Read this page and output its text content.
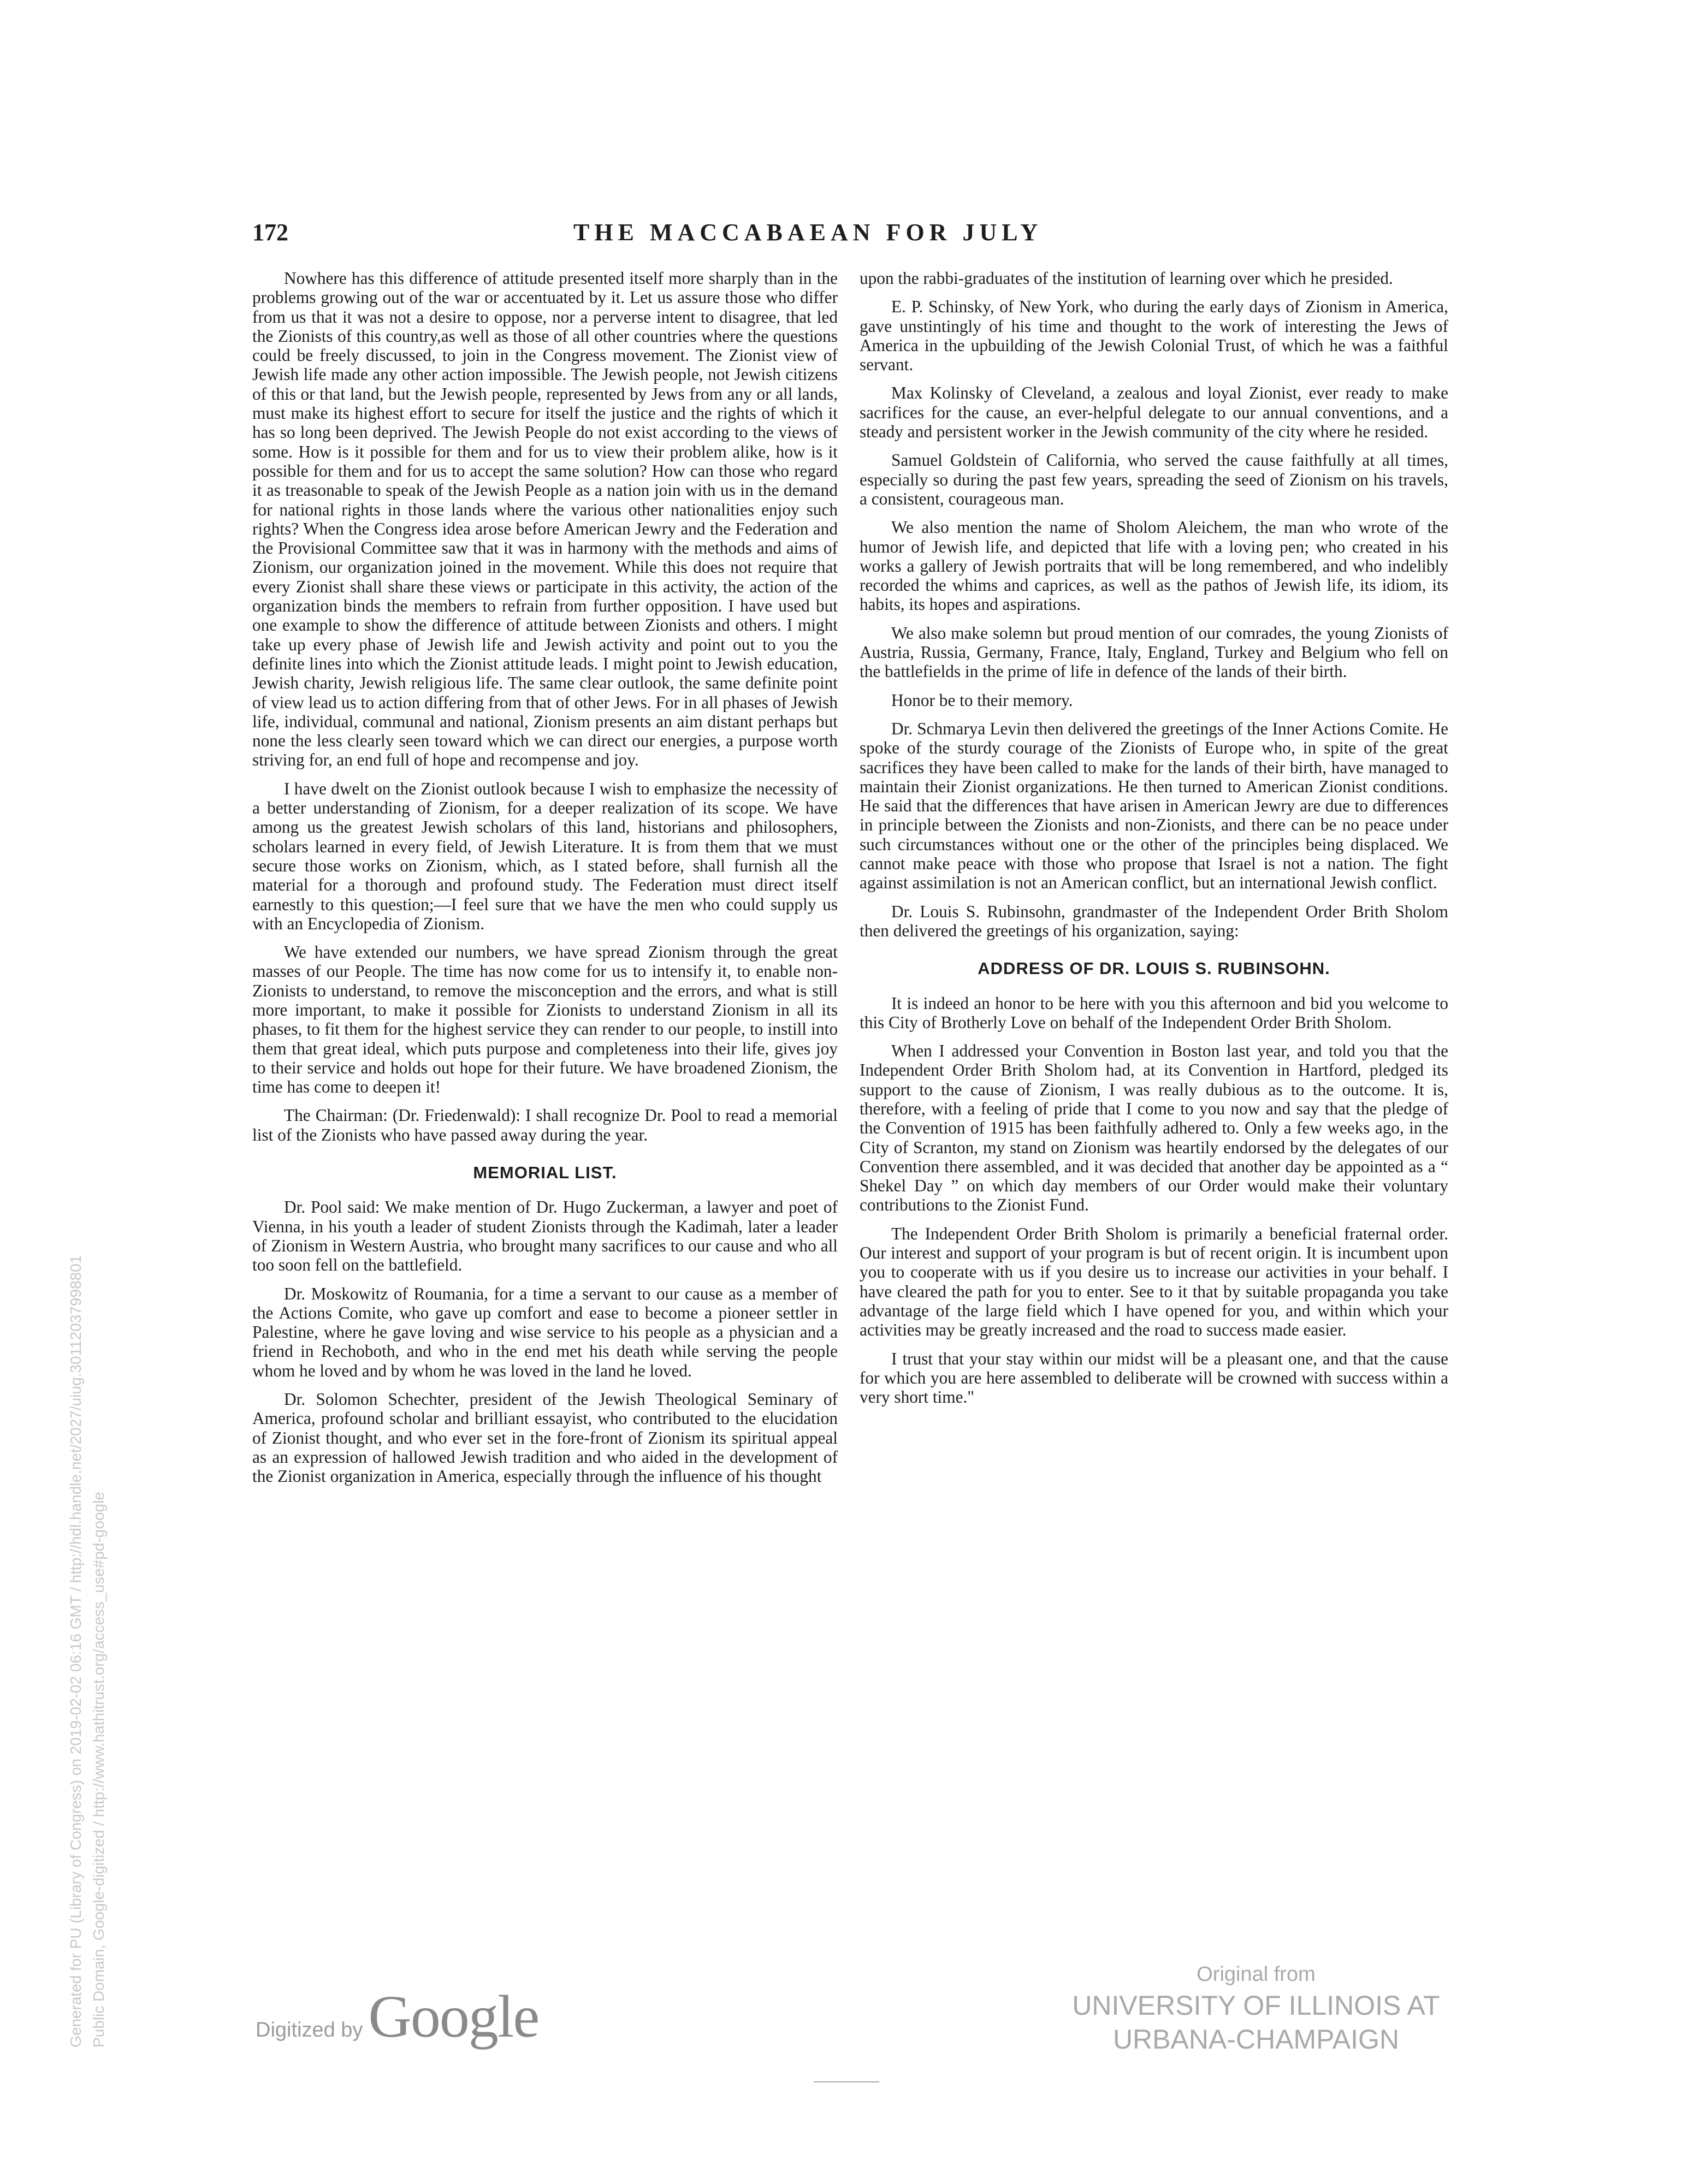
172	THE MACCABAEAN FOR JULY

Nowhere has this difference of attitude presented itself more sharply than in the problems growing out of the war or accentuated by it. Let us assure those who differ from us that it was not a desire to oppose, nor a perverse intent to disagree, that led the Zionists of this country,as well as those of all other countries where the questions could be freely discussed, to join in the Congress movement. The Zionist view of Jewish life made any other action impossible. The Jewish people, not Jewish citizens of this or that land, but the Jewish people, represented by Jews from any or all lands, must make its highest effort to secure for itself the justice and the rights of which it has so long been deprived. The Jewish People do not exist according to the views of some. How is it possible for them and for us to view their problem alike, how is it possible for them and for us to accept the same solution? How can those who regard it as treasonable to speak of the Jewish People as a nation join with us in the demand for national rights in those lands where the various other nationalities enjoy such rights? When the Congress idea arose before American Jewry and the Federation and the Provisional Committee saw that it was in harmony with the methods and aims of Zionism, our organization joined in the movement. While this does not require that every Zionist shall share these views or participate in this activity, the action of the organization binds the members to refrain from further opposition. I have used but one example to show the difference of attitude between Zionists and others. I might take up every phase of Jewish life and Jewish activity and point out to you the definite lines into which the Zionist attitude leads. I might point to Jewish education, Jewish charity, Jewish religious life. The same clear outlook, the same definite point of view lead us to action differing from that of other Jews. For in all phases of Jewish life, individual, communal and national, Zionism presents an aim distant perhaps but none the less clearly seen toward which we can direct our energies, a purpose worth striving for, an end full of hope and recompense and joy.

I have dwelt on the Zionist outlook because I wish to emphasize the necessity of a better understanding of Zionism, for a deeper realization of its scope. We have among us the greatest Jewish scholars of this land, historians and philosophers, scholars learned in every field, of Jewish Literature. It is from them that we must secure those works on Zionism, which, as I stated before, shall furnish all the material for a thorough and profound study. The Federation must direct itself earnestly to this question;—I feel sure that we have the men who could supply us with an Encyclopedia of Zionism.

We have extended our numbers, we have spread Zionism through the great masses of our People. The time has now come for us to intensify it, to enable non-Zionists to understand, to remove the misconception and the errors, and what is still more important, to make it possible for Zionists to understand Zionism in all its phases, to fit them for the highest service they can render to our people, to instill into them that great ideal, which puts purpose and completeness into their life, gives joy to their service and holds out hope for their future. We have broadened Zionism, the time has come to deepen it!

The Chairman: (Dr. Friedenwald): I shall recognize Dr. Pool to read a memorial list of the Zionists who have passed away during the year.

MEMORIAL LIST.

Dr. Pool said: We make mention of Dr. Hugo Zuckerman, a lawyer and poet of Vienna, in his youth a leader of student Zionists through the Kadimah, later a leader of Zionism in Western Austria, who brought many sacrifices to our cause and who all too soon fell on the battlefield.

Dr. Moskowitz of Roumania, for a time a servant to our cause as a member of the Actions Comite, who gave up comfort and ease to become a pioneer settler in Palestine, where he gave loving and wise service to his people as a physician and a friend in Rechoboth, and who in the end met his death while serving the people whom he loved and by whom he was loved in the land he loved.

Dr. Solomon Schechter, president of the Jewish Theological Seminary of America, profound scholar and brilliant essayist, who contributed to the elucidation of Zionist thought, and who ever set in the fore-front of Zionism its spiritual appeal as an expression of hallowed Jewish tradition and who aided in the development of the Zionist organization in America, especially through the influence of his thought

upon the rabbi-graduates of the institution of learning over which he presided.

E. P. Schinsky, of New York, who during the early days of Zionism in America, gave unstintingly of his time and thought to the work of interesting the Jews of America in the upbuilding of the Jewish Colonial Trust, of which he was a faithful servant.

Max Kolinsky of Cleveland, a zealous and loyal Zionist, ever ready to make sacrifices for the cause, an ever-helpful delegate to our annual conventions, and a steady and persistent worker in the Jewish community of the city where he resided.

Samuel Goldstein of California, who served the cause faithfully at all times, especially so during the past few years, spreading the seed of Zionism on his travels, a consistent, courageous man.

We also mention the name of Sholom Aleichem, the man who wrote of the humor of Jewish life, and depicted that life with a loving pen; who created in his works a gallery of Jewish portraits that will be long remembered, and who indelibly recorded the whims and caprices, as well as the pathos of Jewish life, its idiom, its habits, its hopes and aspirations.

We also make solemn but proud mention of our comrades, the young Zionists of Austria, Russia, Germany, France, Italy, England, Turkey and Belgium who fell on the battlefields in the prime of life in defence of the lands of their birth.

Honor be to their memory.

Dr. Schmarya Levin then delivered the greetings of the Inner Actions Comite. He spoke of the sturdy courage of the Zionists of Europe who, in spite of the great sacrifices they have been called to make for the lands of their birth, have managed to maintain their Zionist organizations. He then turned to American Zionist conditions. He said that the differences that have arisen in American Jewry are due to differences in principle between the Zionists and non-Zionists, and there can be no peace under such circumstances without one or the other of the principles being displaced. We cannot make peace with those who propose that Israel is not a nation. The fight against assimilation is not an American conflict, but an international Jewish conflict.

Dr. Louis S. Rubinsohn, grandmaster of the Independent Order Brith Sholom then delivered the greetings of his organization, saying:

ADDRESS OF DR. LOUIS S. RUBINSOHN.

It is indeed an honor to be here with you this afternoon and bid you welcome to this City of Brotherly Love on behalf of the Independent Order Brith Sholom.

When I addressed your Convention in Boston last year, and told you that the Independent Order Brith Sholom had, at its Convention in Hartford, pledged its support to the cause of Zionism, I was really dubious as to the outcome. It is, therefore, with a feeling of pride that I come to you now and say that the pledge of the Convention of 1915 has been faithfully adhered to. Only a few weeks ago, in the City of Scranton, my stand on Zionism was heartily endorsed by the delegates of our Convention there assembled, and it was decided that another day be appointed as a “ Shekel Day ” on which day members of our Order would make their voluntary contributions to the Zionist Fund.

The Independent Order Brith Sholom is primarily a beneficial fraternal order. Our interest and support of your program is but of recent origin. It is incumbent upon you to cooperate with us if you desire us to increase our activities in your behalf. I have cleared the path for you to enter. See to it that by suitable propaganda you take advantage of the large field which I have opened for you, and within which your activities may be greatly increased and the road to success made easier.

I trust that your stay within our midst will be a pleasant one, and that the cause for which you are here assembled to deliberate will be crowned with success within a very short time."

Generated for PU (Library of Congress) on 2019-02-02 06:16 GMT / http://hdl.handle.net/2027/uiug.30112037998801 Public Domain, Google-digitized / http://www.hathitrust.org/access_use#pd-google	Digitized by Google
Original from
UNIVERSITY OF ILLINOIS AT
URBANA-CHAMPAIGN
